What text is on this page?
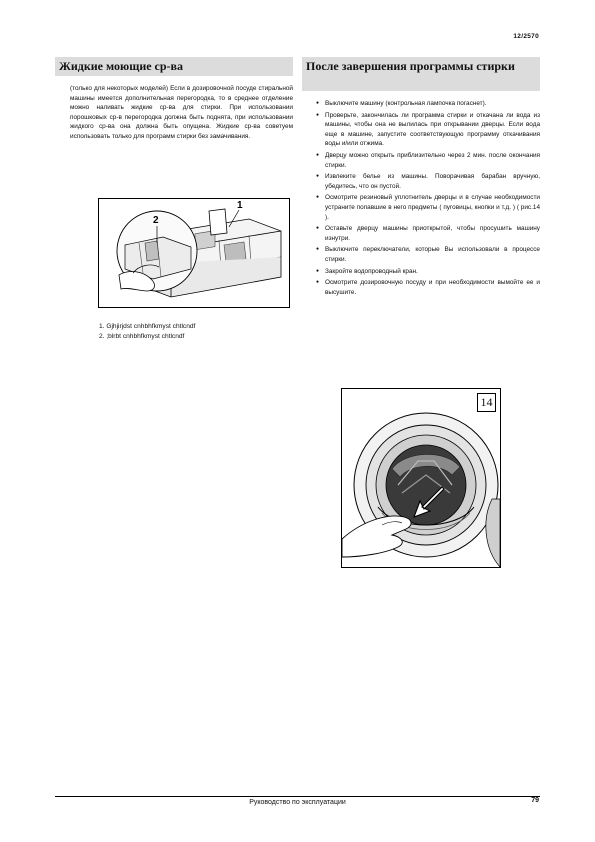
12/2570
Жидкие моющие ср-ва
(только для некоторых моделей) Если в дозировочной посуде стиральной машины имеется дополнительная перегородка, то в среднее отделение можно наливать жидкие ср-ва для стирки. При использовании порошковых ср-в перегородка должна быть поднята, при использовании жидкого ср-ва она должна быть опущена. Жидкие ср-ва советуем использовать только для программ стирки без замачивания.
1
2
1. Gjhjirjdst cnhbhfkmyst chtlcndf
2. ;blrbt cnhbhfkmyst chtlcndf
После завершения программы стирки
● Выключите машину (контрольная лампочка погаснет).
● Проверьте, закончилась ли программа стирки и откачана ли вода из машины, чтобы она не вылилась при открывании дверцы. Если вода еще в машине, запустите соответствующую программу откачивания воды и/или отжима.
● Дверцу можно открыть приблизительно через 2 мин. после окончания стирки.
● Извлеките белье из машины. Поворачивая барабан вручную, убедитесь, что он пустой.
● Осмотрите резиновый уплотнитель дверцы и в случае необходимости устраните попавшие в него предметы ( пуговицы, кнопки и т.д. ) ( рис.14 ).
● Оставьте дверцу машины приоткрытой, чтобы просушить машину изнутри.
● Выключите переключатели, которые Вы использовали в процессе стирки.
● Закройте водопроводный кран.
● Осмотрите дозировочную посуду и при необходимости вымойте ее и высушите.
14
Руководство по эксплуатации	79
